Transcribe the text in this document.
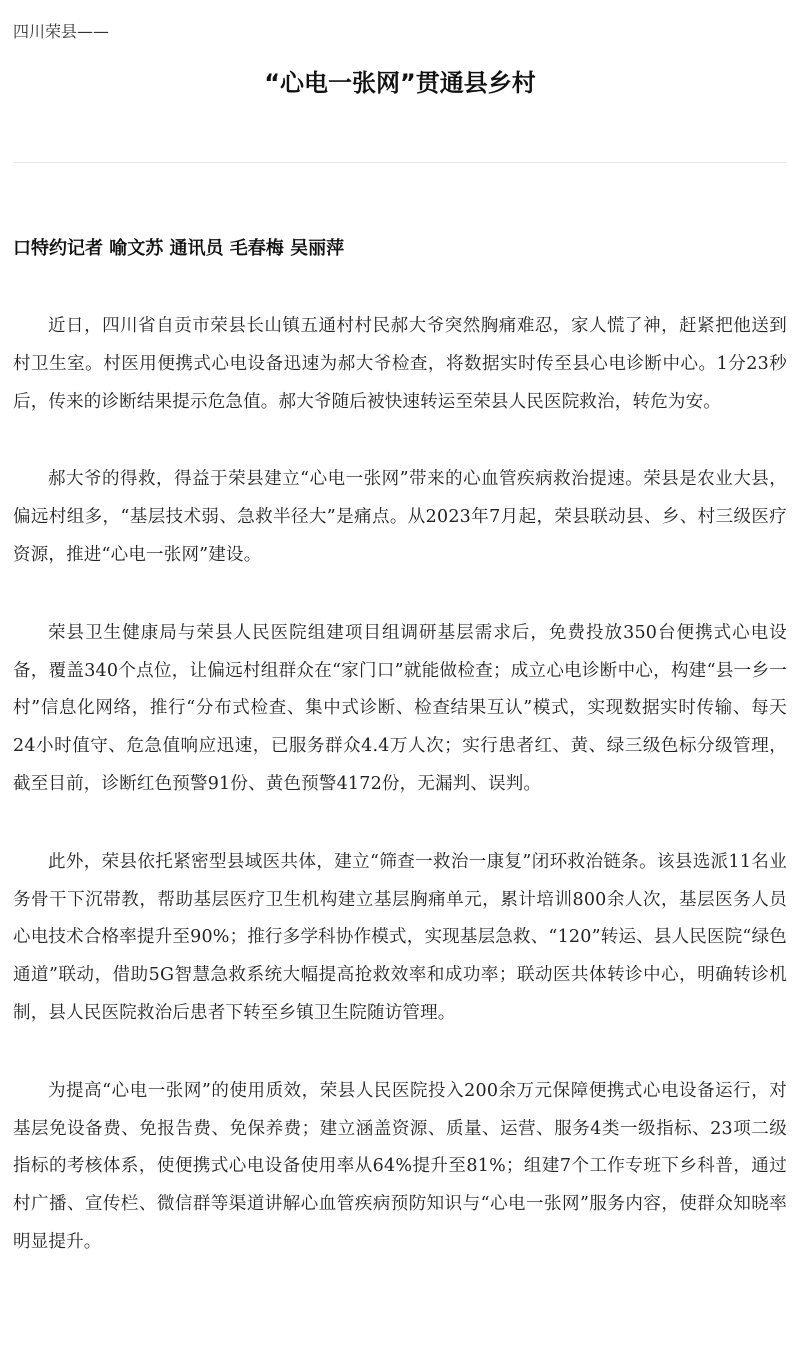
四川荣县——
“心电一张网”贯通县乡村
口特约记者 喻文苏 通讯员 毛春梅 吴丽萍

近日，四川省自贡市荣县长山镇五通村村民郝大爷突然胸痛难忍，家人慌了神，赶紧把他送到村卫生室。村医用便携式心电设备迅速为郝大爷检查，将数据实时传至县心电诊断中心。1分23秒后，传来的诊断结果提示危急值。郝大爷随后被快速转运至荣县人民医院救治，转危为安。

郝大爷的得救，得益于荣县建立“心电一张网”带来的心血管疾病救治提速。荣县是农业大县，偏远村组多，“基层技术弱、急救半径大”是痛点。从2023年7月起，荣县联动县、乡、村三级医疗资源，推进“心电一张网”建设。

荣县卫生健康局与荣县人民医院组建项目组调研基层需求后，免费投放350台便携式心电设备，覆盖340个点位，让偏远村组群众在“家门口”就能做检查；成立心电诊断中心，构建“县一乡一村”信息化网络，推行“分布式检查、集中式诊断、检查结果互认”模式，实现数据实时传输、每天24小时值守、危急值响应迅速，已服务群众4.4万人次；实行患者红、黄、绿三级色标分级管理，截至目前，诊断红色预警91份、黄色预警4172份，无漏判、误判。

此外，荣县依托紧密型县域医共体，建立“筛查一救治一康复”闭环救治链条。该县选派11名业务骨干下沉帯教，帮助基层医疗卫生机构建立基层胸痛单元，累计培训800余人次，基层医务人员心电技术合格率提升至90%；推行多学科协作模式，实现基层急救、“120”转运、县人民医院“绿色通道”联动，借助5G智慧急救系统大幅提高抢救效率和成功率；联动医共体转诊中心，明确转诊机制，县人民医院救治后患者下转至乡镇卫生院随访管理。

为提高“心电一张网”的使用质效，荣县人民医院投入200余万元保障便携式心电设备运行，对基层免设备费、免报告费、免保养费；建立涵盖资源、质量、运营、服务4类一级指标、23项二级指标的考核体系，使便携式心电设备使用率从64%提升至81%；组建7个工作专班下乡科普，通过村广播、宣传栏、微信群等渠道讲解心血管疾病预防知识与“心电一张网”服务内容，使群众知晓率明显提升。
